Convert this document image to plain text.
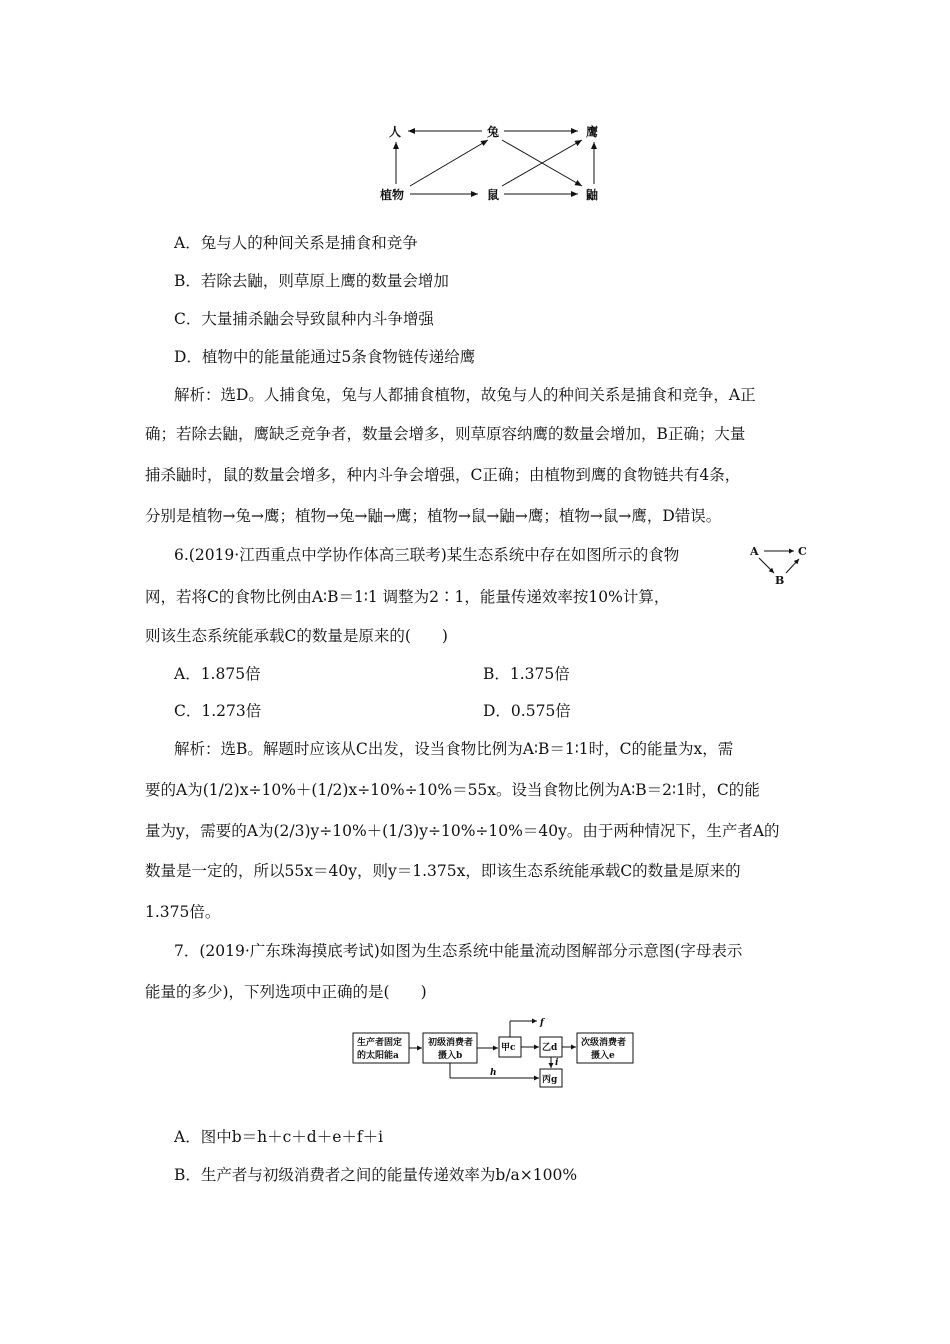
人	兔	鹰
植物	鼠	鼬
A．兔与人的种间关系是捕食和竞争
B．若除去鼬，则草原上鹰的数量会增加
C．大量捕杀鼬会导致鼠种内斗争增强
D．植物中的能量能通过5条食物链传递给鹰
解析：选D。人捕食兔，兔与人都捕食植物，故兔与人的种间关系是捕食和竞争，A正
确；若除去鼬，鹰缺乏竞争者，数量会增多，则草原容纳鹰的数量会增加，B正确；大量
捕杀鼬时，鼠的数量会增多，种内斗争会增强，C正确；由植物到鹰的食物链共有4条，
分别是植物→兔→鹰；植物→兔→鼬→鹰；植物→鼠→鼬→鹰；植物→鼠→鹰，D错误。
6.(2019·江西重点中学协作体高三联考)某生态系统中存在如图所示的食物
网，若将C的食物比例由A∶B＝1∶1 调整为2∶1，能量传递效率按10%计算，
则该生态系统能承载C的数量是原来的(　　)
A	C
B
A．1.875倍	B．1.375倍
C．1.273倍	D．0.575倍
解析：选B。解题时应该从C出发，设当食物比例为A∶B＝1∶1时，C的能量为x，需
要的A为(1/2)x÷10%＋(1/2)x÷10%÷10%＝55x。设当食物比例为A∶B＝2∶1时，C的能
量为y，需要的A为(2/3)y÷10%＋(1/3)y÷10%÷10%＝40y。由于两种情况下，生产者A的
数量是一定的，所以55x＝40y，则y＝1.375x，即该生态系统能承载C的数量是原来的
1.375倍。
7．(2019·广东珠海摸底考试)如图为生态系统中能量流动图解部分示意图(字母表示
能量的多少)，下列选项中正确的是(　　)
生产者固定
的太阳能a
初级消费者
摄入b
甲c
f
乙d
i
丙g
h
次级消费者
摄入e
A．图中b＝h＋c＋d＋e＋f＋i
B．生产者与初级消费者之间的能量传递效率为b/a×100%
